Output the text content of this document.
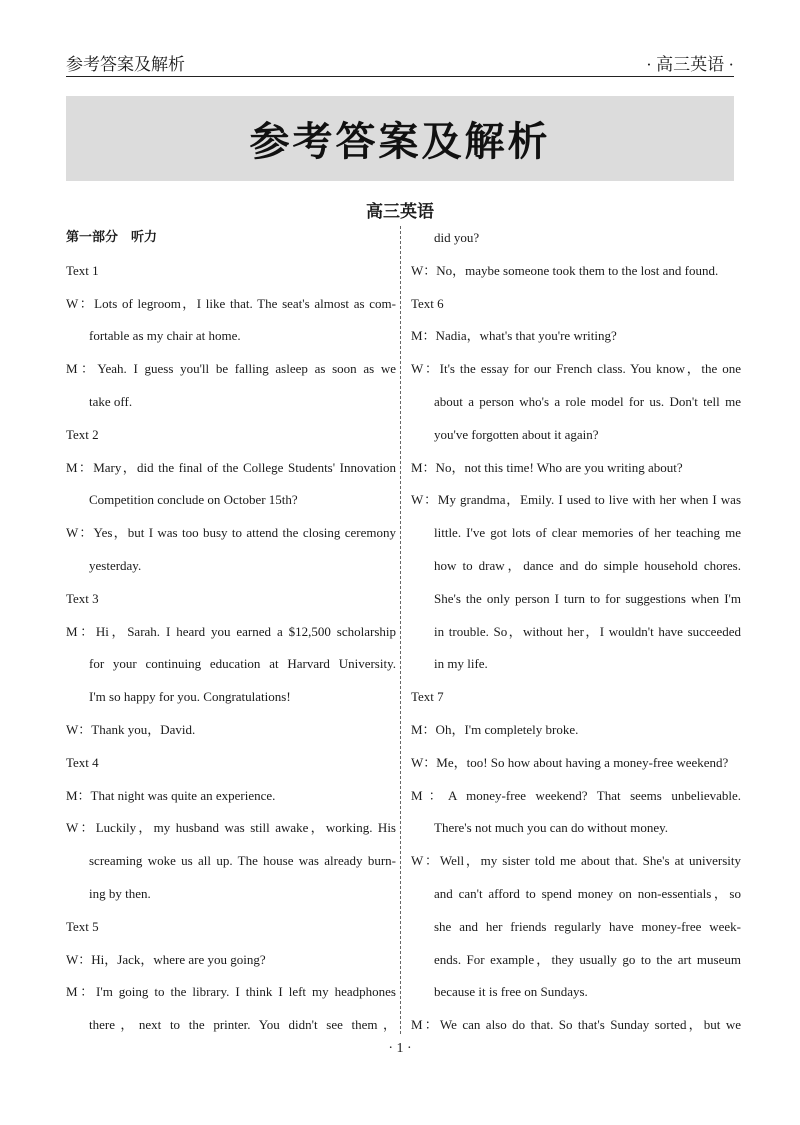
参考答案及解析	· 高三英语 ·
参考答案及解析
高三英语
第一部分　听力
Text 1
W：Lots of legroom，I like that. The seat's almost as com-
fortable as my chair at home.
M：Yeah. I guess you'll be falling asleep as soon as we
take off.
Text 2
M：Mary，did the final of the College Students' Innovation
Competition conclude on October 15th?
W：Yes，but I was too busy to attend the closing ceremony
yesterday.
Text 3
M：Hi，Sarah. I heard you earned a $12,500 scholarship
for your continuing education at Harvard University.
I'm so happy for you. Congratulations!
W：Thank you，David.
Text 4
M：That night was quite an experience.
W：Luckily，my husband was still awake，working. His
screaming woke us all up. The house was already burn-
ing by then.
Text 5
W：Hi，Jack，where are you going?
M：I'm going to the library. I think I left my headphones
there，next to the printer. You didn't see them，
did you?
W：No，maybe someone took them to the lost and found.
Text 6
M：Nadia，what's that you're writing?
W：It's the essay for our French class. You know，the one
about a person who's a role model for us. Don't tell me
you've forgotten about it again?
M：No，not this time! Who are you writing about?
W：My grandma，Emily. I used to live with her when I was
little. I've got lots of clear memories of her teaching me
how to draw，dance and do simple household chores.
She's the only person I turn to for suggestions when I'm
in trouble. So，without her，I wouldn't have succeeded
in my life.
Text 7
M：Oh，I'm completely broke.
W：Me，too! So how about having a money-free weekend?
M：A money-free weekend? That seems unbelievable.
There's not much you can do without money.
W：Well，my sister told me about that. She's at university
and can't afford to spend money on non-essentials，so
she and her friends regularly have money-free week-
ends. For example，they usually go to the art museum
because it is free on Sundays.
M：We can also do that. So that's Sunday sorted，but we
· 1 ·
